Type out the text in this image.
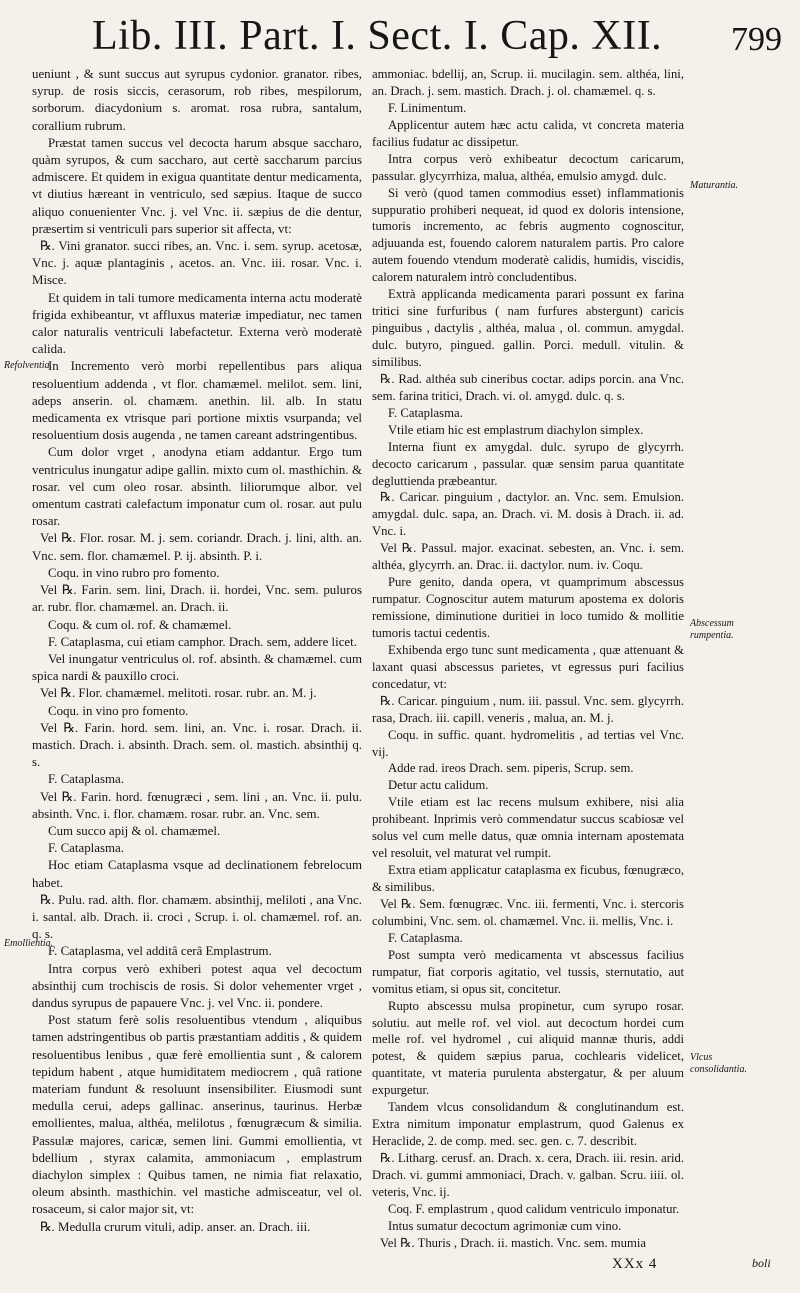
Lib. III. Part. I. Sect. I. Cap. XII. 799
Refolventia.
Emollientia.
Maturantia.
Abscessum rumpentia.
Vlcus consolidantia.

ueniunt , & sunt succus aut syrupus cydonior. granator. ribes, syrup. de rosis siccis, cerasorum, rob ribes, mespilorum, sorborum. diacydonium s. aromat. rosa rubra, santalum, corallium rubrum.

Præstat tamen succus vel decocta harum absque saccharo, quàm syrupos, & cum saccharo, aut certè saccharum parcius admiscere. Et quidem in exigua quantitate dentur medicamenta, vt diutius hæreant in ventriculo, sed sæpius. Itaque de succo aliquo conuenienter Vnc. j. vel Vnc. ii. sæpius de die dentur, præsertim si ventriculi pars superior sit affecta, vt:

℞. Vini granator. succi ribes, an. Vnc. i. sem. syrup. acetosæ, Vnc. j. aquæ plantaginis , acetos. an. Vnc. iii. rosar. Vnc. i. Misce.

Et quidem in tali tumore medicamenta interna actu moderatè frigida exhibeantur, vt affluxus materiæ impediatur, nec tamen calor naturalis ventriculi labefactetur. Externa verò moderatè calida.

In Incremento verò morbi repellentibus pars aliqua resoluentium addenda , vt flor. chamæmel. melilot. sem. lini, adeps anserin. ol. chamæm. anethin. lil. alb. In statu medicamenta ex vtrisque pari portione mixtis vsurpanda; vel resoluentium dosis augenda , ne tamen careant adstringentibus.

Cum dolor vrget , anodyna etiam addantur. Ergo tum ventriculus inungatur adipe gallin. mixto cum ol. masthichin. & rosar. vel cum oleo rosar. absinth. liliorumque albor. vel omentum castrati calefactum imponatur cum ol. rosar. aut pulu rosar.

Vel ℞. Flor. rosar. M. j. sem. coriandr. Drach. j. lini, alth. an. Vnc. sem. flor. chamæmel. P. ij. absinth. P. i.

Coqu. in vino rubro pro fomento.

Vel ℞. Farin. sem. lini, Drach. ii. hordei, Vnc. sem. puluros ar. rubr. flor. chamæmel. an. Drach. ii.

Coqu. & cum ol. rof. & chamæmel.

F. Cataplasma, cui etiam camphor. Drach. sem, addere licet.

Vel inungatur ventriculus ol. rof. absinth. & chamæmel. cum spica nardi & pauxillo croci.

Vel ℞. Flor. chamæmel. melitoti. rosar. rubr. an. M. j.

Coqu. in vino pro fomento.

Vel ℞. Farin. hord. sem. lini, an. Vnc. i. rosar. Drach. ii. mastich. Drach. i. absinth. Drach. sem. ol. mastich. absinthij q. s.

F. Cataplasma.

Vel ℞. Farin. hord. fœnugræci , sem. lini , an. Vnc. ii. pulu. absinth. Vnc. i. flor. chamæm. rosar. rubr. an. Vnc. sem.

Cum succo apij & ol. chamæmel.

F. Cataplasma.

Hoc etiam Cataplasma vsque ad declinationem febrelocum habet.

℞. Pulu. rad. alth. flor. chamæm. absinthij, meliloti , ana Vnc. i. santal. alb. Drach. ii. croci , Scrup. i. ol. chamæmel. rof. an. q. s.

F. Cataplasma, vel additâ cerâ Emplastrum.

Intra corpus verò exhiberi potest aqua vel decoctum absinthij cum trochiscis de rosis. Si dolor vehementer vrget , dandus syrupus de papauere Vnc. j. vel Vnc. ii. pondere.

Post statum ferè solis resoluentibus vtendum , aliquibus tamen adstringentibus ob partis præstantiam additis , & quidem resoluentibus lenibus , quæ ferè emollientia sunt , & calorem tepidum habent , atque humiditatem mediocrem , quâ ratione materiam fundunt & resoluunt insensibiliter. Eiusmodi sunt medulla cerui, adeps gallinac. anserinus, taurinus. Herbæ emollientes, malua, althéa, melilotus , fœnugræcum & similia. Passulæ majores, caricæ, semen lini. Gummi emollientia, vt bdellium , styrax calamita, ammoniacum , emplastrum diachylon simplex : Quibus tamen, ne nimia fiat relaxatio, oleum absinth. masthichin. vel mastiche admisceatur, vel ol. rosaceum, si calor major sit, vt:

℞. Medulla crurum vituli, adip. anser. an. Drach. iii.

ammoniac. bdellij, an, Scrup. ii. mucilagin. sem. althéa, lini, an. Drach. j. sem. mastich. Drach. j. ol. chamæmel. q. s.

F. Linimentum.

Applicentur autem hæc actu calida, vt concreta materia facilius fudatur ac dissipetur.

Intra corpus verò exhibeatur decoctum caricarum, passular. glycyrrhiza, malua, althéa, emulsio amygd. dulc.

Si verò (quod tamen commodius esset) inflammationis suppuratio prohiberi nequeat, id quod ex doloris intensione, tumoris incremento, ac febris augmento cognoscitur, adjuuanda est, fouendo calorem naturalem partis. Pro calore autem fouendo vtendum moderatè calidis, humidis, viscidis, calorem naturalem intrò concludentibus.

Extrà applicanda medicamenta parari possunt ex farina tritici sine furfuribus ( nam furfures abstergunt) caricis pinguibus , dactylis , althéa, malua , ol. commun. amygdal. dulc. butyro, pingued. gallin. Porci. medull. vitulin. & similibus.

℞. Rad. althéa sub cineribus coctar. adips porcin. ana Vnc. sem. farina tritici, Drach. vi. ol. amygd. dulc. q. s.

F. Cataplasma.

Vtile etiam hic est emplastrum diachylon simplex.

Interna fiunt ex amygdal. dulc. syrupo de glycyrrh. decocto caricarum , passular. quæ sensim parua quantitate degluttienda præbeantur.

℞. Caricar. pinguium , dactylor. an. Vnc. sem. Emulsion. amygdal. dulc. sapa, an. Drach. vi. M. dosis à Drach. ii. ad. Vnc. i.

Vel ℞. Passul. major. exacinat. sebesten, an. Vnc. i. sem. althéa, glycyrrh. an. Drac. ii. dactylor. num. iv. Coqu.

Pure genito, danda opera, vt quamprimum abscessus rumpatur. Cognoscitur autem maturum apostema ex doloris remissione, diminutione duritiei in loco tumido & mollitie tumoris tactui cedentis.

Exhibenda ergo tunc sunt medicamenta , quæ attenuant & laxant quasi abscessus parietes, vt egressus puri facilius concedatur, vt:

℞. Caricar. pinguium , num. iii. passul. Vnc. sem. glycyrrh. rasa, Drach. iii. capill. veneris , malua, an. M. j.

Coqu. in suffic. quant. hydromelitis , ad tertias vel Vnc. vij.

Adde rad. ireos Drach. sem. piperis, Scrup. sem.

Detur actu calidum.

Vtile etiam est lac recens mulsum exhibere, nisi alia prohibeant. Inprimis verò commendatur succus scabiosæ vel solus vel cum melle datus, quæ omnia internam apostemata vel resoluit, vel maturat vel rumpit.

Extra etiam applicatur cataplasma ex ficubus, fœnugræco, & similibus.

Vel ℞. Sem. fœnugræc. Vnc. iii. fermenti, Vnc. i. stercoris columbini, Vnc. sem. ol. chamæmel. Vnc. ii. mellis, Vnc. i.

F. Cataplasma.

Post sumpta verò medicamenta vt abscessus facilius rumpatur, fiat corporis agitatio, vel tussis, sternutatio, aut vomitus etiam, si opus sit, concitetur.

Rupto abscessu mulsa propinetur, cum syrupo rosar. solutiu. aut melle rof. vel viol. aut decoctum hordei cum melle rof. vel hydromel , cui aliquid mannæ thuris, addi potest, & quidem sæpius parua, cochlearis videlicet, quantitate, vt materia purulenta abstergatur, & per aluum expurgetur.

Tandem vlcus consolidandum & conglutinandum est. Extra nimitum imponatur emplastrum, quod Galenus ex Heraclide, 2. de comp. med. sec. gen. c. 7. describit.

℞. Litharg. cerusf. an. Drach. x. cera, Drach. iii. resin. arid. Drach. vi. gummi ammoniaci, Drach. v. galban. Scru. iiii. ol. veteris, Vnc. ij.

Coq. F. emplastrum , quod calidum ventriculo imponatur.

Intus sumatur decoctum agrimoniæ cum vino.

Vel ℞. Thuris , Drach. ii. mastich. Vnc. sem. mumia

XXx 4	boli
